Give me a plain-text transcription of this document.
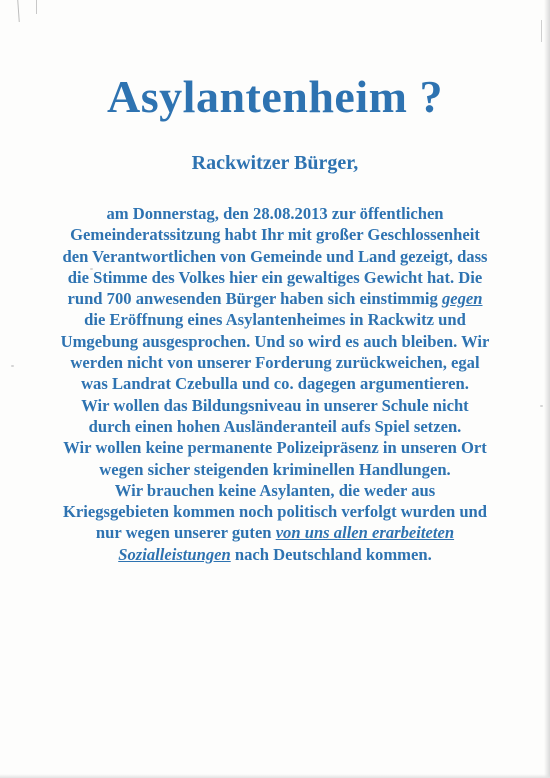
Asylantenheim ?
Rackwitzer Bürger,

am Donnerstag, den 28.08.2013 zur öffentlichen Gemeinderatssitzung habt Ihr mit großer Geschlossenheit den Verantwortlichen von Gemeinde und Land gezeigt, dass die Stimme des Volkes hier ein gewaltiges Gewicht hat. Die rund 700 anwesenden Bürger haben sich einstimmig gegen die Eröffnung eines Asylantenheimes in Rackwitz und Umgebung ausgesprochen. Und so wird es auch bleiben. Wir werden nicht von unserer Forderung zurückweichen, egal was Landrat Czebulla und co. dagegen argumentieren.

Wir wollen das Bildungsniveau in unserer Schule nicht durch einen hohen Ausländeranteil aufs Spiel setzen.

Wir wollen keine permanente Polizeipräsenz in unseren Ort wegen sicher steigenden kriminellen Handlungen.

Wir brauchen keine Asylanten, die weder aus Kriegsgebieten kommen noch politisch verfolgt wurden und nur wegen unserer guten von uns allen erarbeiteten Sozialleistungen nach Deutschland kommen.
